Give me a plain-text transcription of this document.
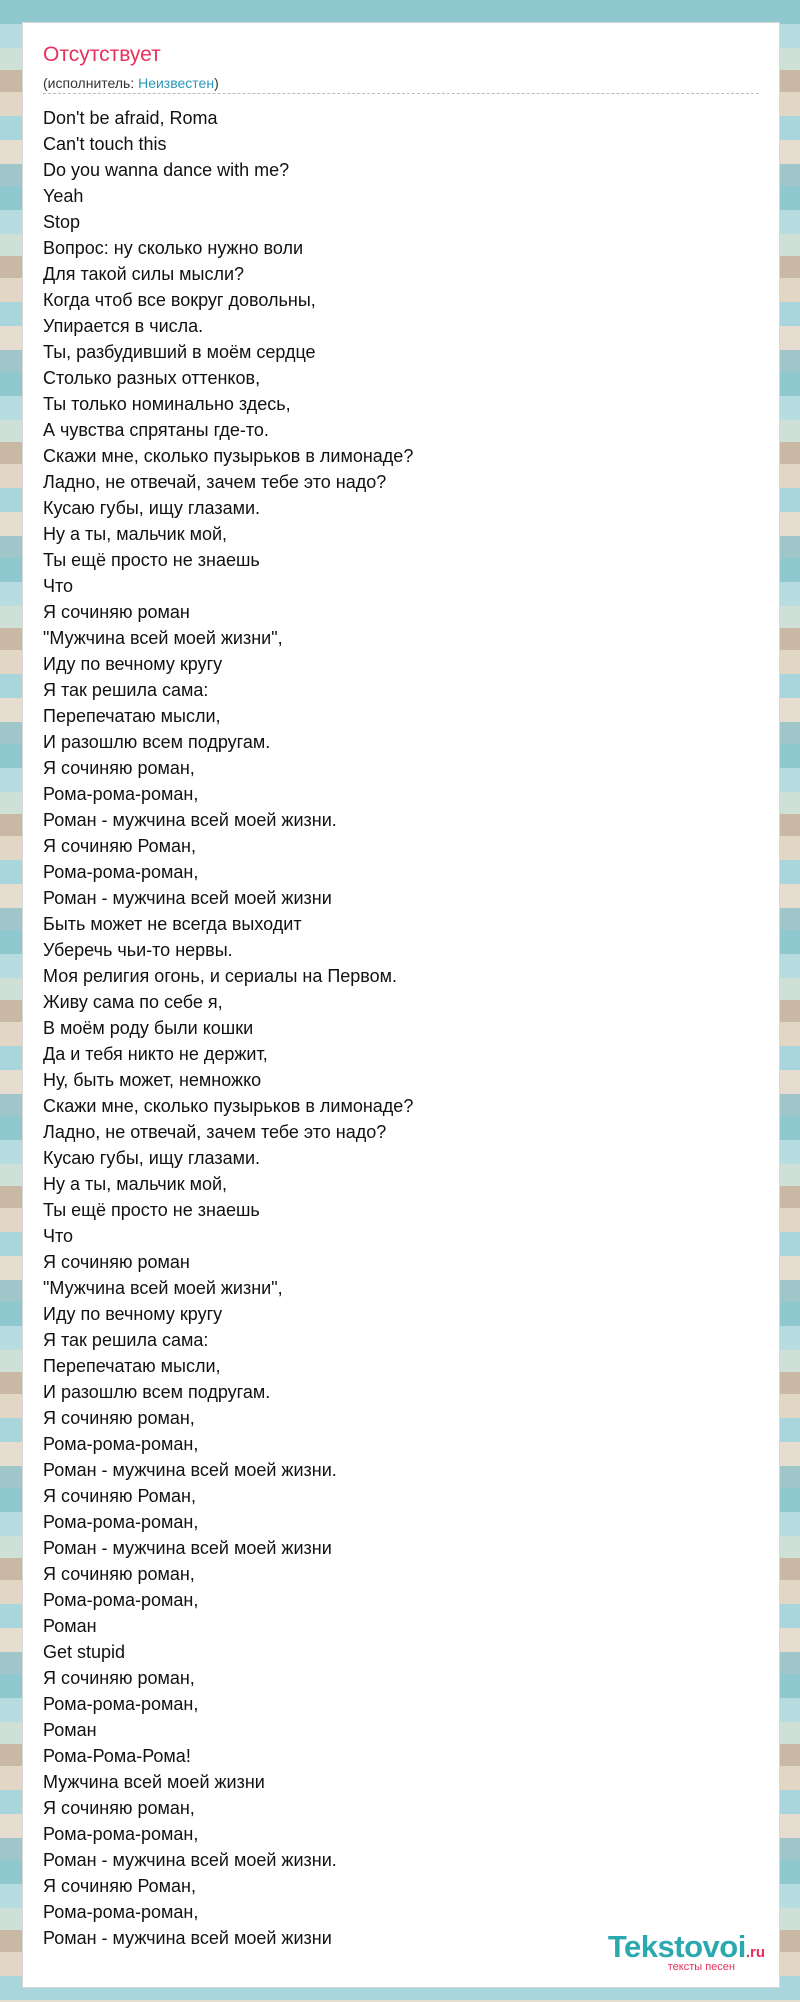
Отсутствует
(исполнитель: Неизвестен)
Don't be afraid, Roma
Can't touch this
Do you wanna dance with me?
Yeah
Stop
Вопрос: ну сколько нужно воли
Для такой силы мысли?
Когда чтоб все вокруг довольны,
Упирается в числа.
Ты, разбудивший в моём сердце
Столько разных оттенков,
Ты только номинально здесь,
А чувства спрятаны где-то.
Скажи мне, сколько пузырьков в лимонаде?
Ладно, не отвечай, зачем тебе это надо?
Кусаю губы, ищу глазами.
Ну а ты, мальчик мой,
Ты ещё просто не знаешь
Что
Я сочиняю роман
"Мужчина всей моей жизни",
Иду по вечному кругу
Я так решила сама:
Перепечатаю мысли,
И разошлю всем подругам.
Я сочиняю роман,
Рома-рома-роман,
Роман - мужчина всей моей жизни.
Я сочиняю Роман,
Рома-рома-роман,
Роман - мужчина всей моей жизни
Быть может не всегда выходит
Уберечь чьи-то нервы.
Моя религия огонь, и сериалы на Первом.
Живу сама по себе я,
В моём роду были кошки
Да и тебя никто не держит,
Ну, быть может, немножко
Скажи мне, сколько пузырьков в лимонаде?
Ладно, не отвечай, зачем тебе это надо?
Кусаю губы, ищу глазами.
Ну а ты, мальчик мой,
Ты ещё просто не знаешь
Что
Я сочиняю роман
"Мужчина всей моей жизни",
Иду по вечному кругу
Я так решила сама:
Перепечатаю мысли,
И разошлю всем подругам.
Я сочиняю роман,
Рома-рома-роман,
Роман - мужчина всей моей жизни.
Я сочиняю Роман,
Рома-рома-роман,
Роман - мужчина всей моей жизни
Я сочиняю роман,
Рома-рома-роман,
Роман
Get stupid
Я сочиняю роман,
Рома-рома-роман,
Роман
Рома-Рома-Рома!
Мужчина всей моей жизни
Я сочиняю роман,
Рома-рома-роман,
Роман - мужчина всей моей жизни.
Я сочиняю Роман,
Рома-рома-роман,
Роман - мужчина всей моей жизни	Tekstovoi.ru
тексты песен
